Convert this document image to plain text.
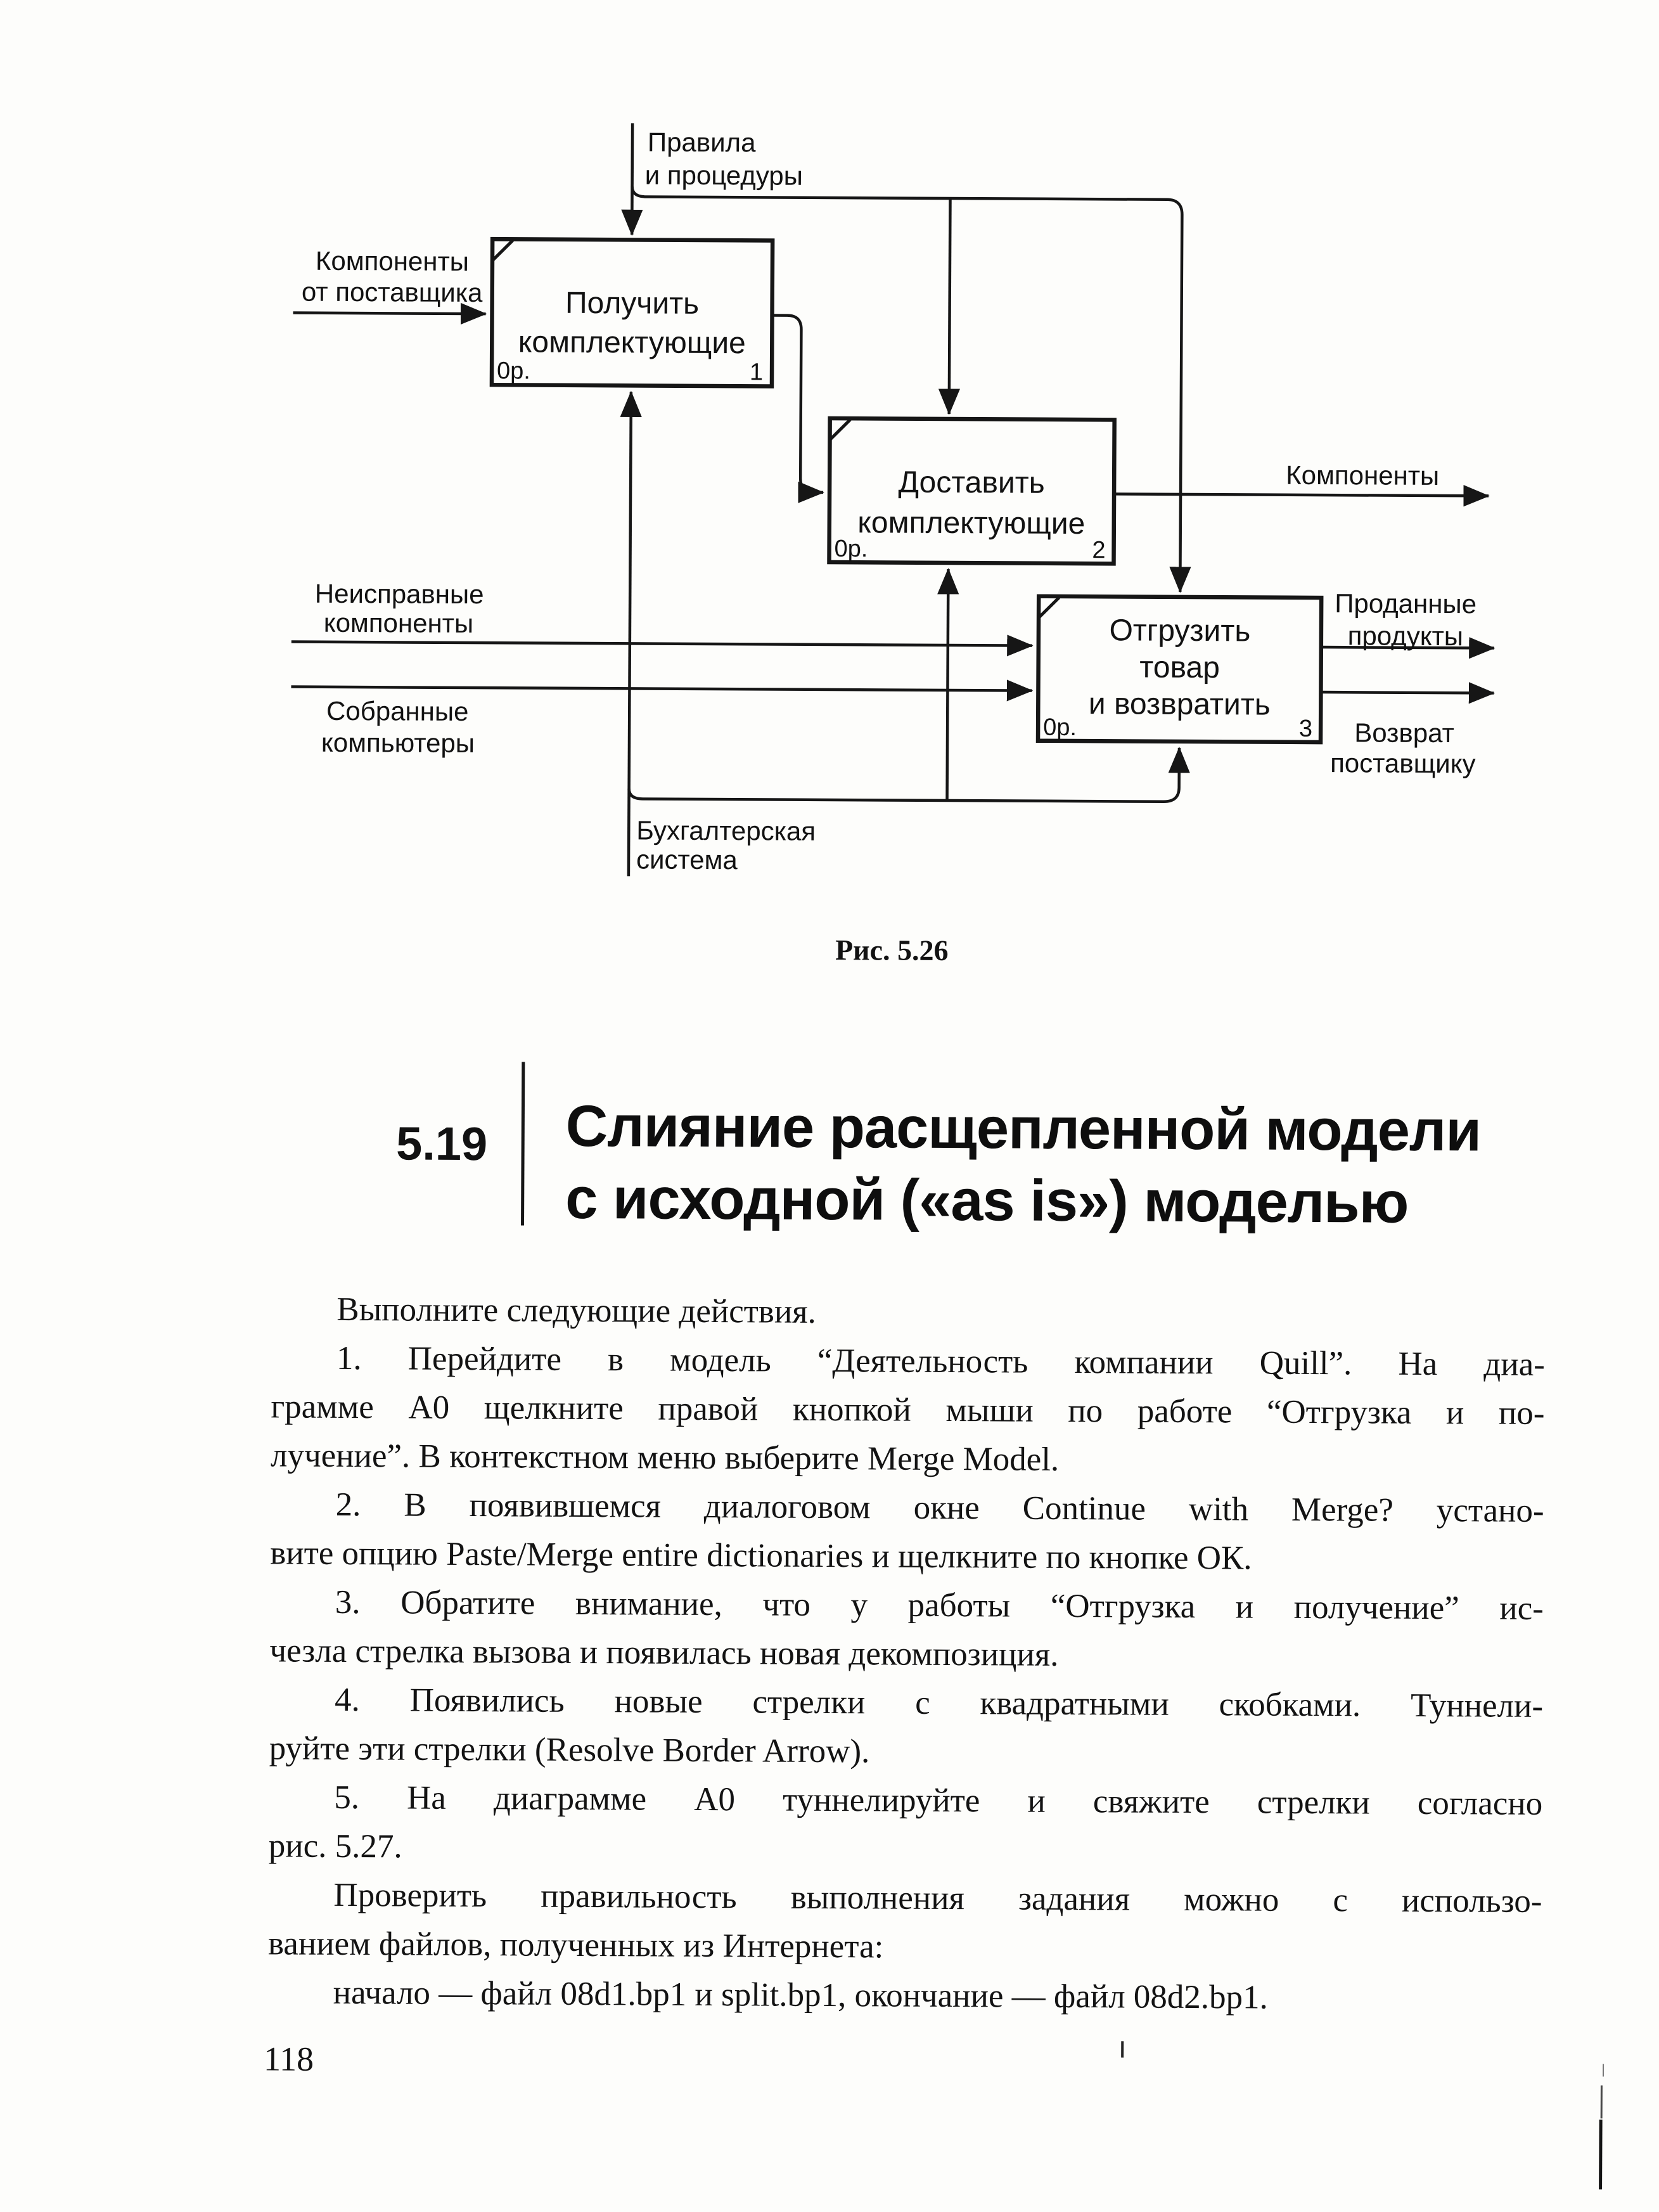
Получить
комплектующие
0р.	1
Доставить
комплектующие
0р.	2
Отгрузить
товар
и возвратить
0р.	3
Правила
и процедуры
Компоненты
от поставщика
Неисправные
компоненты
Собранные
компьютеры
Бухгалтерская
система
Компоненты
Проданные
продукты
Возврат
поставщику
Рис. 5.26
5.19	Слияние расщепленной модели
с исходной («as is») моделью
Выполните следующие действия.
1. Перейдите в модель “Деятельность компании Quill”. На диа-
грамме А0 щелкните правой кнопкой мыши по работе “Отгрузка и по-
лучение”. В контекстном меню выберите Merge Model.
2. В появившемся диалоговом окне Continue with Merge? устано-
вите опцию Paste/Merge entire dictionaries и щелкните по кнопке ОК.
3. Обратите внимание, что у работы “Отгрузка и получение” ис-
чезла стрелка вызова и появилась новая декомпозиция.
4. Появились новые стрелки с квадратными скобками. Туннели-
руйте эти стрелки (Resolve Border Arrow).
5. На диаграмме А0 туннелируйте и свяжите стрелки согласно
рис. 5.27.
Проверить правильность выполнения задания можно с использо-
ванием файлов, полученных из Интернета:
начало — файл 08d1.bp1 и split.bp1, окончание — файл 08d2.bp1.
118
